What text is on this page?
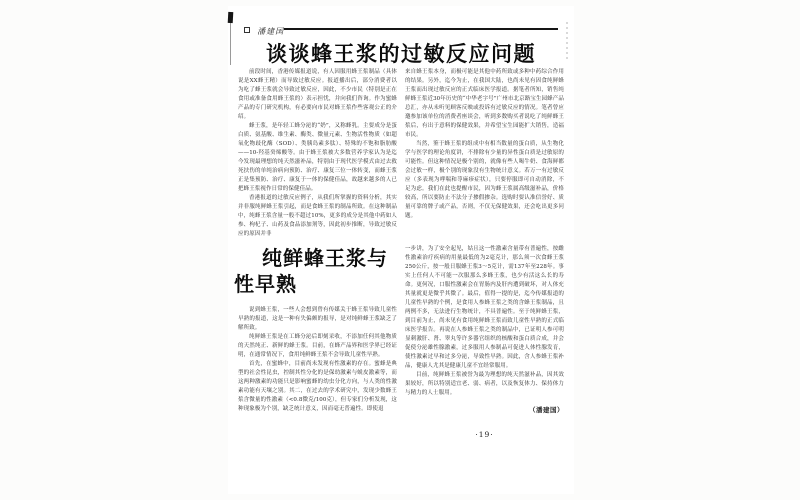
潘建国
谈谈蜂王浆的过敏反应问题

前段时间，香港传媒报道说，有人因服用蜂王浆制品（具体说是XX蜂王精）而导致过敏反应。报道播出后，部分消费者以为吃了蜂王浆就会导致过敏反应，因此，不少市民（特别是正在食用或准备食用蜂王浆的）表示担忧，并向我们咨询。作为蜜蜂产品的专门研究机构，有必要向市民对蜂王浆作些客观公正的介绍。

蜂王浆，是年轻工蜂分泌的“奶”，又称蜂乳。主要成分是蛋白质、氨基酸、维生素、酶类、微量元素、生物活性物质（如超氧化物歧化酶（SOD）、类胰岛素多肽）、特殊的不饱和脂肪酸——10-羟基癸烯酸等。由于蜂王浆被大多数营养学家认为是迄今发现最理想的纯天然滋补品，特别由于现代医学模式由过去救死扶伤的单纯治病向预防、治疗、康复三位一体转变，而蜂王浆正是集预防、治疗、康复于一体的保健佳品，故越来越多的人已把蜂王浆视作日常的保健佳品。

香港报道的过敏反应例子，从我们所掌握的资料分析，其实并非服纯鲜蜂王浆引起，而是食蜂王浆的制品所致。在这种制品中，纯蜂王浆含量一般不超过10%，更多的成分是其他中药如人参、枸杞子、山药及食品添加剂等，因此初步推断，导致过敏反应的原因并非

纯鲜蜂王浆与
性早熟

说到蜂王浆，一些人会想到曾有传媒关于蜂王浆导致儿童性早熟的报道，这是一种有失偏颇的报导，是对纯鲜蜂王浆缺乏了解所致。

纯鲜蜂王浆是在工蜂分泌后即刻采收，不添加任何其他物质的天然纯正、新鲜的蜂王浆。目前，在蜂产品界和医学界已经证明，在通常情况下，食用纯鲜蜂王浆不会导致儿童性早熟。

首先，在蜜蜂中，目前尚未发现有性激素的存在。蜜蜂是典型的社会性昆虫，控制其性分化的是保幼激素与蜕皮激素等，而这两种激素的功能只是影响蜜蜂的幼虫分化方向，与人类的性激素功能有天壤之别。其二，在过去的学术研究中，发现少数蜂王浆含微量的性激素（<0.8微克/100克），但专家们分析发现，这种现象极为个别，缺乏统计意义，因而毫无普遍性。即使退

来自蜂王浆本身，而极可能是其他中药所致或多种中药综合作用的结果。另外，迄今为止，在我国大陆，也尚未见有因食纯鲜蜂王浆而出现过敏反应的正式临床医学报道。据笔者所知，销售纯鲜蜂王浆近30年历史的“中华老字号”广州市北京路宝生园蜂产品总汇，亦从未听见顾客反映或投诉有过敏反应的情况。笔者曾应邀参加该单位的消费者座谈会，听到多数购买者说吃了纯鲜蜂王浆后，有出于意料的保健效果，并希望宝生园能扩大销售，造福市民。

当然，鉴于蜂王浆的组成中有相当数量的蛋白质，从生物化学与医学的理论角度讲，不排除有少量的异性蛋白质是过敏原的可能性。但这种情况是极个别的，就像有些人喝牛奶、食海鲜都会过敏一样，极个别的现象没有生物统计意义。若万一有过敏反应（多表现为哮喘和荨麻疹症状），只要停服即可自动消除，不足为虑。我们在此也提醒市民，因为蜂王浆属高级滋补品，价格较高，所以要防止不法分子掺假掺杂。选购时要认准信誉好、质量可靠的牌子或产品，否则，不仅无保健效果，还会吃出更多问题。

一步讲，为了安全起见，姑且这一性激素含量带有普遍性，按雌性激素治疗疾病的用量最低的为2毫克计，那么须一次食蜂王浆250公斤，按一般日服蜂王浆3～5克计，需137年至228年。事实上任何人不可能一次服那么多蜂王浆，也少有活这么长的寿命。更何况，口服性激素会在胃肠内及肝内遭到破坏，对人体充其量就更是微乎其微了。最后，值得一提的是，迄今传媒报道的儿童性早熟的个例，是食用人参蜂王浆之类的含蜂王浆制品，且两例不多，无法进行生物统计，不具普遍性。至于纯鲜蜂王浆，到目前为止，尚未见有食用纯鲜蜂王浆而致儿童性早熟的正式临床医学报告。再说在人参蜂王浆之类的制品中，已证明人参可明显刺激肝、肾、睾丸等许多器官组织的核酸和蛋白质合成，并会促使分泌雄性腺激素，过多服用人参制品可促进人体性腺发育，使性激素过早和过多分泌，导致性早熟。因此，含人参蜂王浆补品，健康人尤其是健康儿童不宜经常服用。

目前，纯鲜蜂王浆被誉为最为理想的纯天然滋补品，因其效果较好，所以特别适宜老、弱、病者，以及恢复体力、保持体力与精力的人士服用。

（潘建国）
·19·
